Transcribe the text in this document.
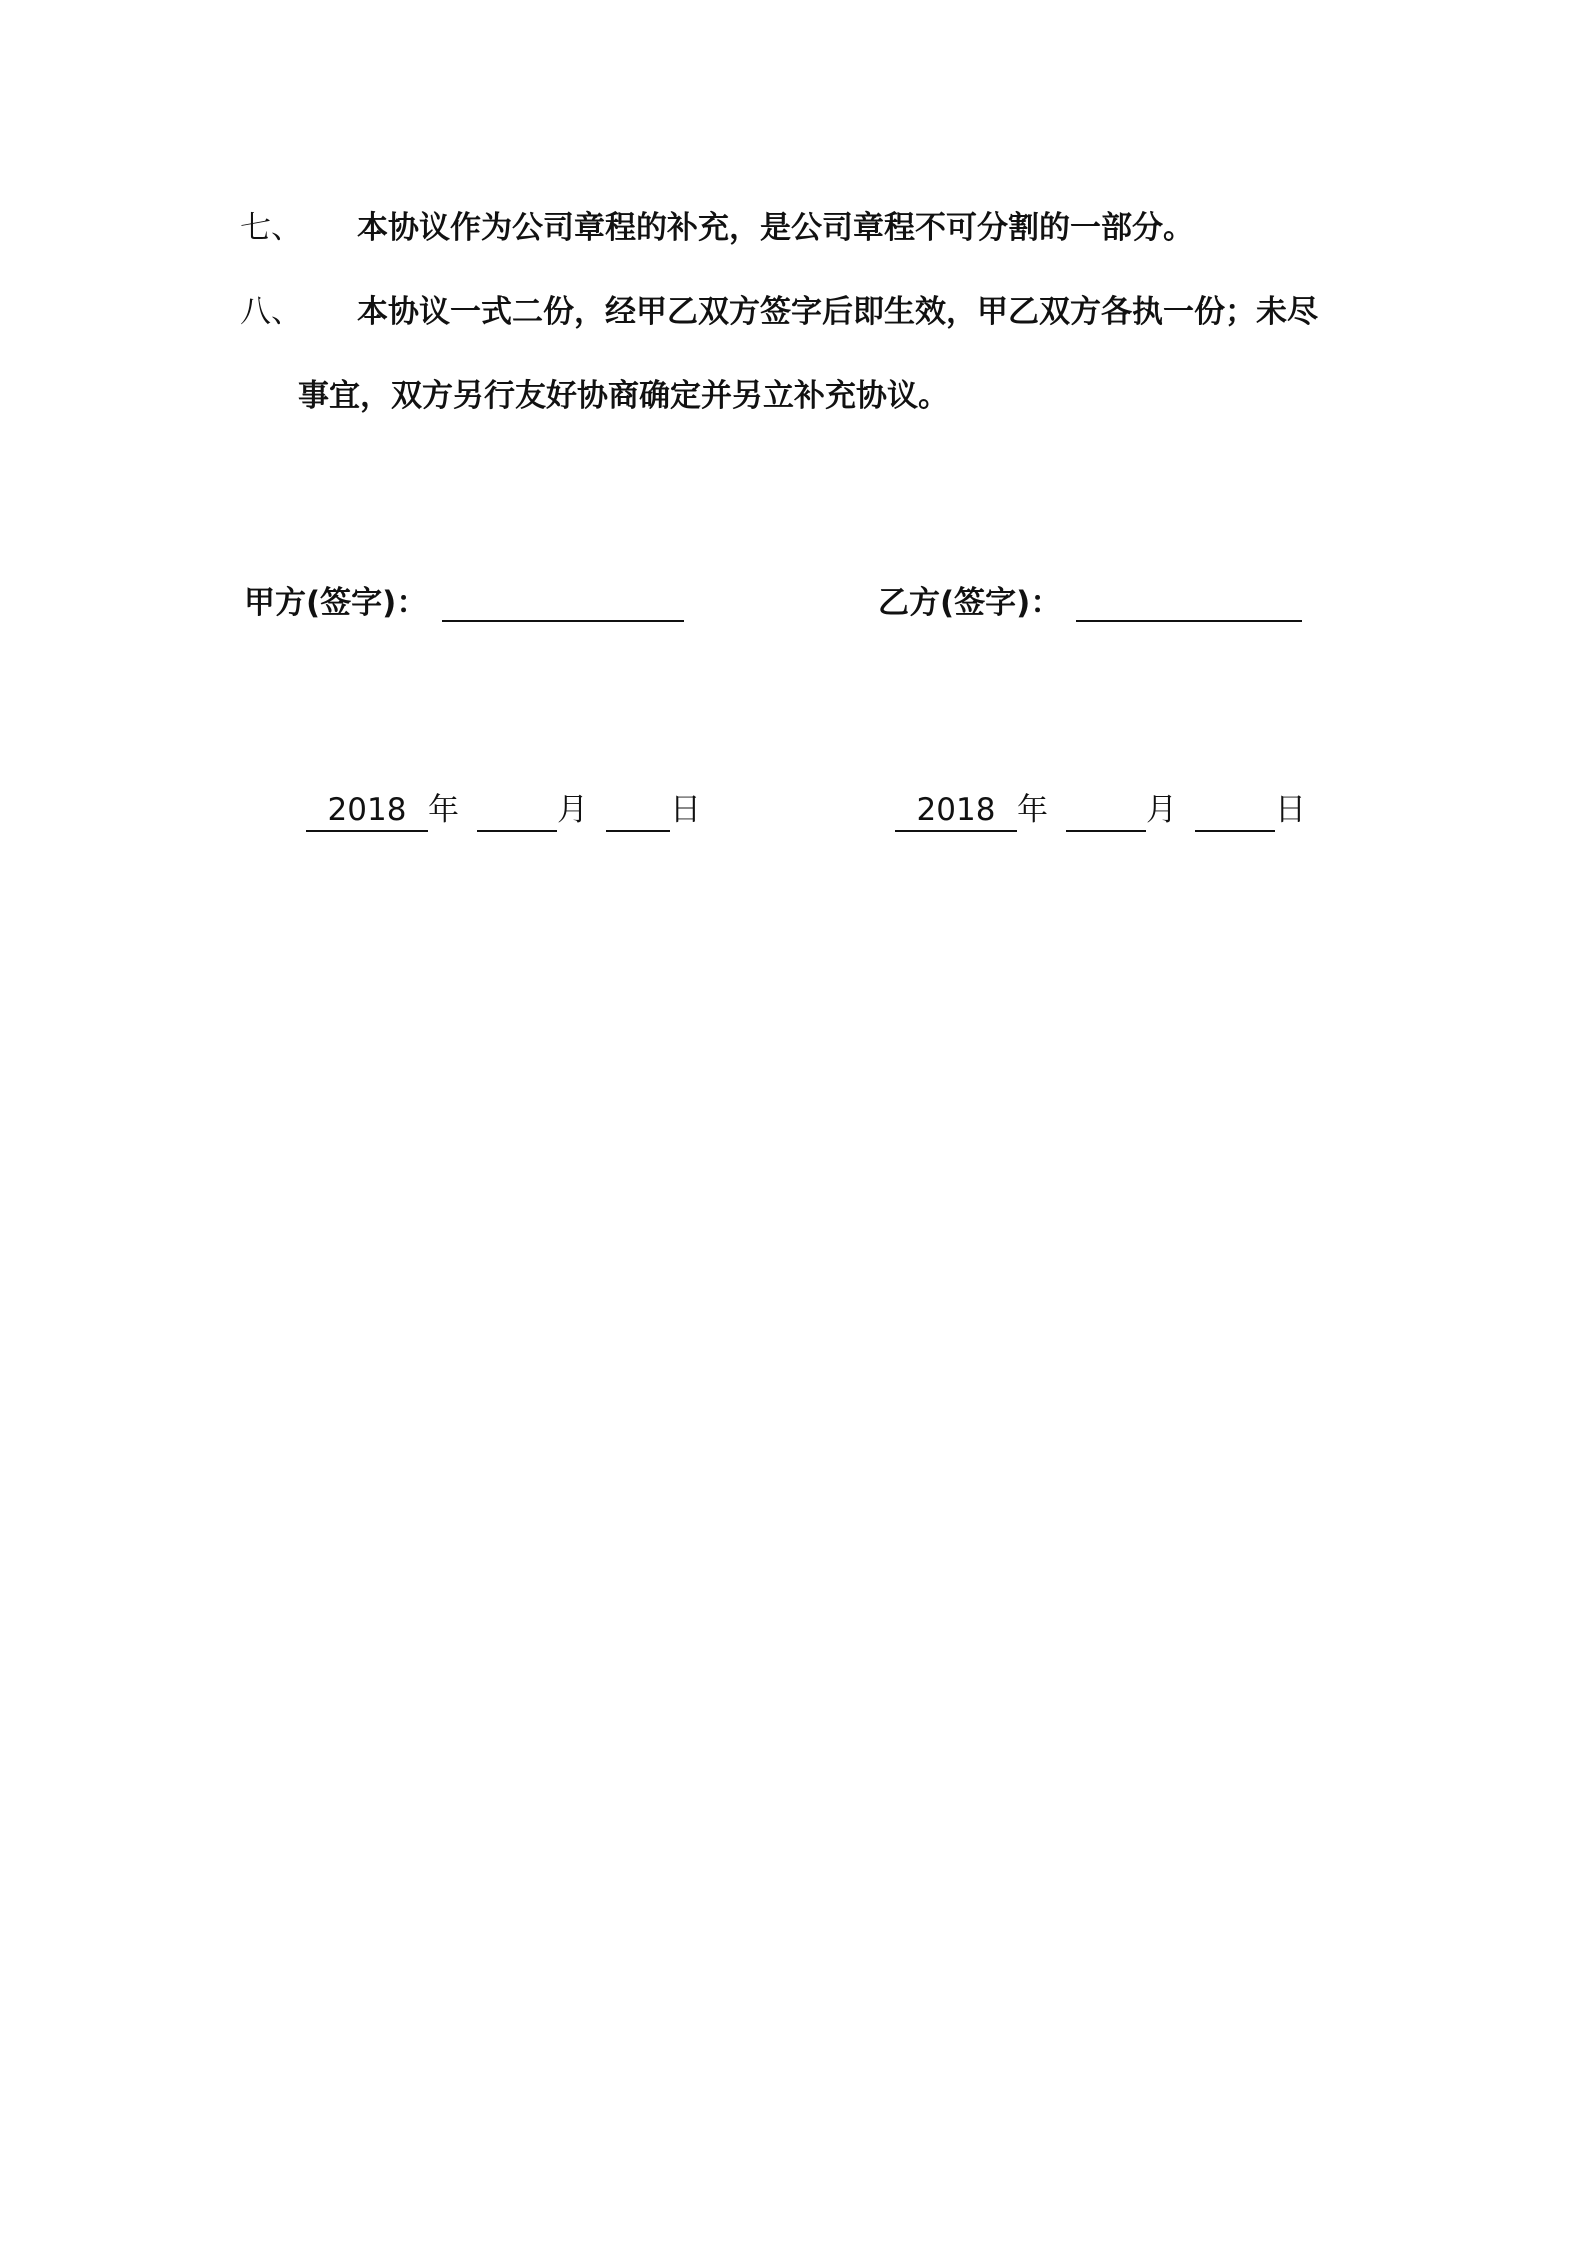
七、 本协议作为公司章程的补充，是公司章程不可分割的一部分。
八、 本协议一式二份，经甲乙双方签字后即生效，甲乙双方各执一份；未尽
事宜，双方另行友好协商确定并另立补充协议。
甲方(签字)：	乙方(签字)：
2018 年	月	日	2018 年	月	日
